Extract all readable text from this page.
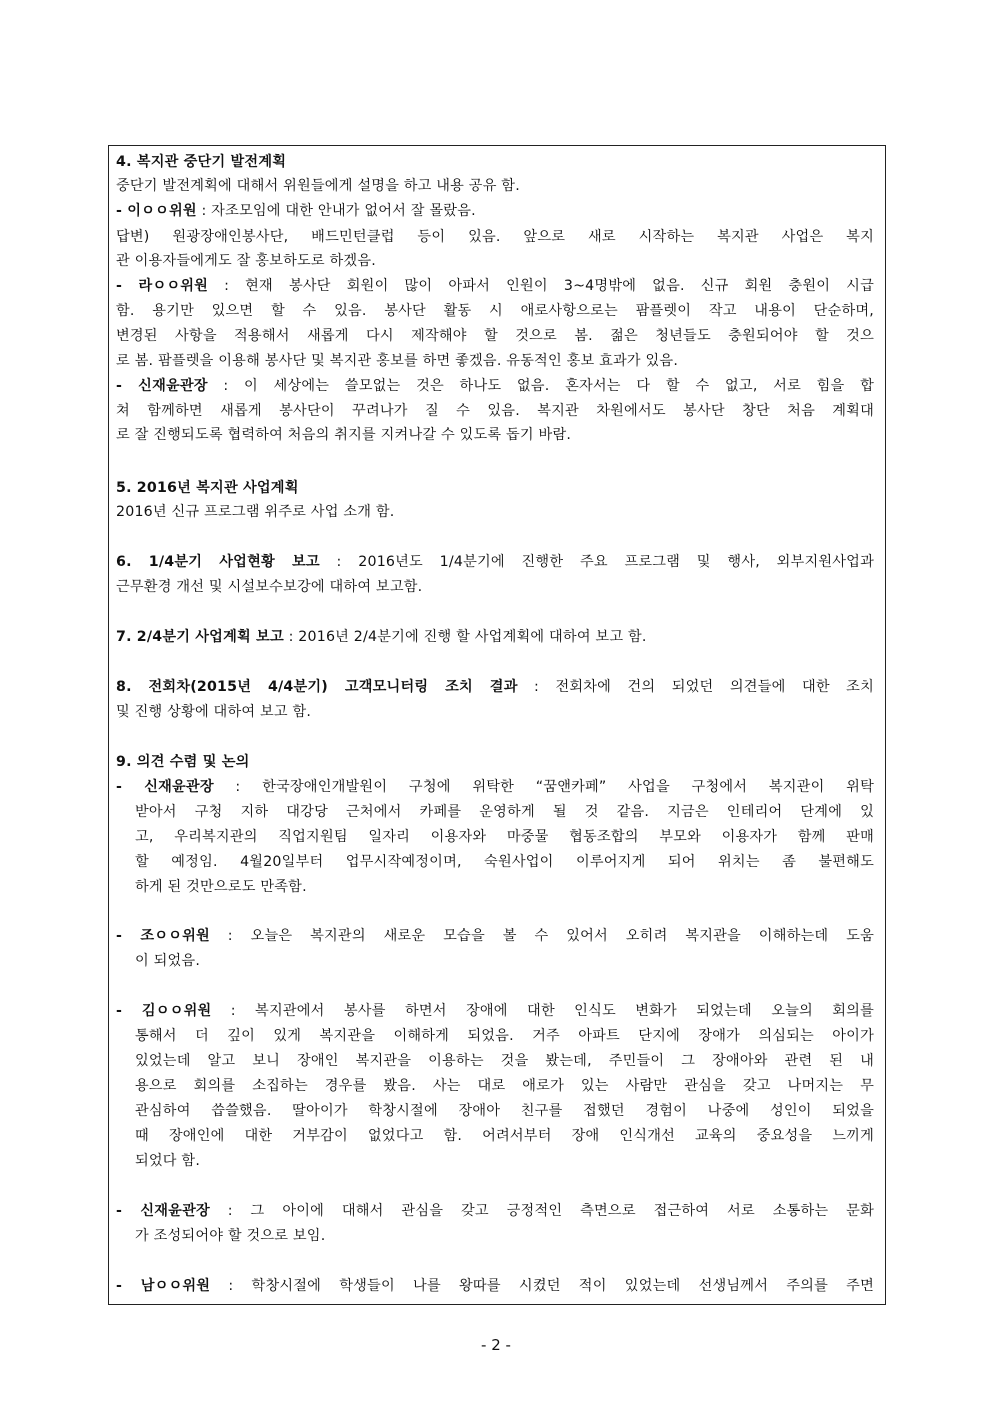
4. 복지관 중단기 발전계획
중단기 발전계획에 대해서 위원들에게 설명을 하고 내용 공유 함.
- 이ㅇㅇ위원 : 자조모임에 대한 안내가 없어서 잘 몰랐음.
답변) 원광장애인봉사단, 배드민턴클럽 등이 있음. 앞으로 새로 시작하는 복지관 사업은 복지
관 이용자들에게도 잘 홍보하도로 하겠음.
- 라ㅇㅇ위원 : 현재 봉사단 회원이 많이 아파서 인원이 3~4명밖에 없음. 신규 회원 충원이 시급
함. 용기만 있으면 할 수 있음. 봉사단 활동 시 애로사항으로는 팜플렛이 작고 내용이 단순하며,
변경된 사항을 적용해서 새롭게 다시 제작해야 할 것으로 봄. 젊은 청년들도 충원되어야 할 것으
로 봄. 팜플렛을 이용해 봉사단 및 복지관 홍보를 하면 좋겠음. 유동적인 홍보 효과가 있음.
- 신재윤관장 : 이 세상에는 쓸모없는 것은 하나도 없음. 혼자서는 다 할 수 없고, 서로 힘을 합
쳐 함께하면 새롭게 봉사단이 꾸려나가 질 수 있음. 복지관 차원에서도 봉사단 창단 처음 계획대
로 잘 진행되도록 협력하여 처음의 취지를 지켜나갈 수 있도록 돕기 바람.
5. 2016년 복지관 사업계획
2016년 신규 프로그램 위주로 사업 소개 함.
6. 1/4분기 사업현황 보고 : 2016년도 1/4분기에 진행한 주요 프로그램 및 행사, 외부지원사업과
근무환경 개선 및 시설보수보강에 대하여 보고함.
7. 2/4분기 사업계획 보고 : 2016년 2/4분기에 진행 할 사업계획에 대하여 보고 함.
8. 전회차(2015년 4/4분기) 고객모니터링 조치 결과 : 전회차에 건의 되었던 의견들에 대한 조치
및 진행 상황에 대하여 보고 함.
9. 의견 수렴 및 논의
- 신재윤관장 : 한국장애인개발원이 구청에 위탁한 “꿈앤카페” 사업을 구청에서 복지관이 위탁
받아서 구청 지하 대강당 근처에서 카페를 운영하게 될 것 같음. 지금은 인테리어 단계에 있
고, 우리복지관의 직업지원팀 일자리 이용자와 마중물 협동조합의 부모와 이용자가 함께 판매
할 예정임. 4월20일부터 업무시작예정이며, 숙원사업이 이루어지게 되어 위치는 좀 불편해도
하게 된 것만으로도 만족함.
- 조ㅇㅇ위원 : 오늘은 복지관의 새로운 모습을 볼 수 있어서 오히려 복지관을 이해하는데 도움
이 되었음.
- 김ㅇㅇ위원 : 복지관에서 봉사를 하면서 장애에 대한 인식도 변화가 되었는데 오늘의 회의를
통해서 더 깊이 있게 복지관을 이해하게 되었음. 거주 아파트 단지에 장애가 의심되는 아이가
있었는데 알고 보니 장애인 복지관을 이용하는 것을 봤는데, 주민들이 그 장애아와 관련 된 내
용으로 회의를 소집하는 경우를 봤음. 사는 대로 애로가 있는 사람만 관심을 갖고 나머지는 무
관심하여 씁쓸했음. 딸아이가 학창시절에 장애아 친구를 접했던 경험이 나중에 성인이 되었을
때 장애인에 대한 거부감이 없었다고 함. 어려서부터 장애 인식개선 교육의 중요성을 느끼게
되었다 함.
- 신재윤관장 : 그 아이에 대해서 관심을 갖고 긍정적인 측면으로 접근하여 서로 소통하는 문화
가 조성되어야 할 것으로 보임.
- 남ㅇㅇ위원 : 학창시절에 학생들이 나를 왕따를 시켰던 적이 있었는데 선생님께서 주의를 주면
- 2 -
